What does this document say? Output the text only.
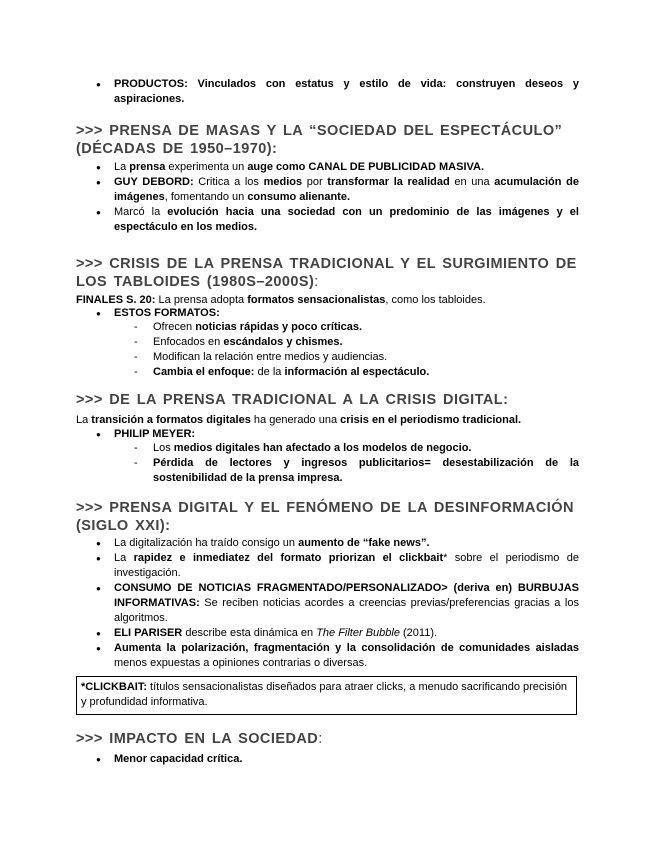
● PRODUCTOS: Vinculados con estatus y estilo de vida: construyen deseos y aspiraciones.

>>> PRENSA DE MASAS Y LA “SOCIEDAD DEL ESPECTÁCULO”

(DÉCADAS DE 1950–1970):

● La prensa experimenta un auge como CANAL DE PUBLICIDAD MASIVA.

● GUY DEBORD: Critica a los medios por transformar la realidad en una acumulación de imágenes, fomentando un consumo alienante.

● Marcó la evolución hacia una sociedad con un predominio de las imágenes y el espectáculo en los medios.

>>> CRISIS DE LA PRENSA TRADICIONAL Y EL SURGIMIENTO DE

LOS TABLOIDES (1980S–2000S):

FINALES S. 20: La prensa adopta formatos sensacionalistas, como los tabloides.

● ESTOS FORMATOS:

- Ofrecen noticias rápidas y poco críticas.

- Enfocados en escándalos y chismes.

- Modifican la relación entre medios y audiencias.

- Cambia el enfoque: de la información al espectáculo.

>>> DE LA PRENSA TRADICIONAL A LA CRISIS DIGITAL:

La transición a formatos digitales ha generado una crisis en el periodismo tradicional.

● PHILIP MEYER:

- Los medios digitales han afectado a los modelos de negocio.

- Pérdida de lectores y ingresos publicitarios= desestabilización de la sostenibilidad de la prensa impresa.

>>> PRENSA DIGITAL Y EL FENÓMENO DE LA DESINFORMACIÓN

(SIGLO XXI):

● La digitalización ha traído consigo un aumento de “fake news”.

● La rapidez e inmediatez del formato priorizan el clickbait* sobre el periodismo de investigación.

● CONSUMO DE NOTICIAS FRAGMENTADO/PERSONALIZADO> (deriva en) BURBUJAS INFORMATIVAS: Se reciben noticias acordes a creencias previas/preferencias gracias a los algoritmos.

● ELI PARISER describe esta dinámica en The Filter Bubble (2011).

● Aumenta la polarización, fragmentación y la consolidación de comunidades aisladas menos expuestas a opiniones contrarias o diversas.

*CLICKBAIT: títulos sensacionalistas diseñados para atraer clicks, a menudo sacrificando precisión y profundidad informativa.

>>> IMPACTO EN LA SOCIEDAD:

● Menor capacidad crítica.
